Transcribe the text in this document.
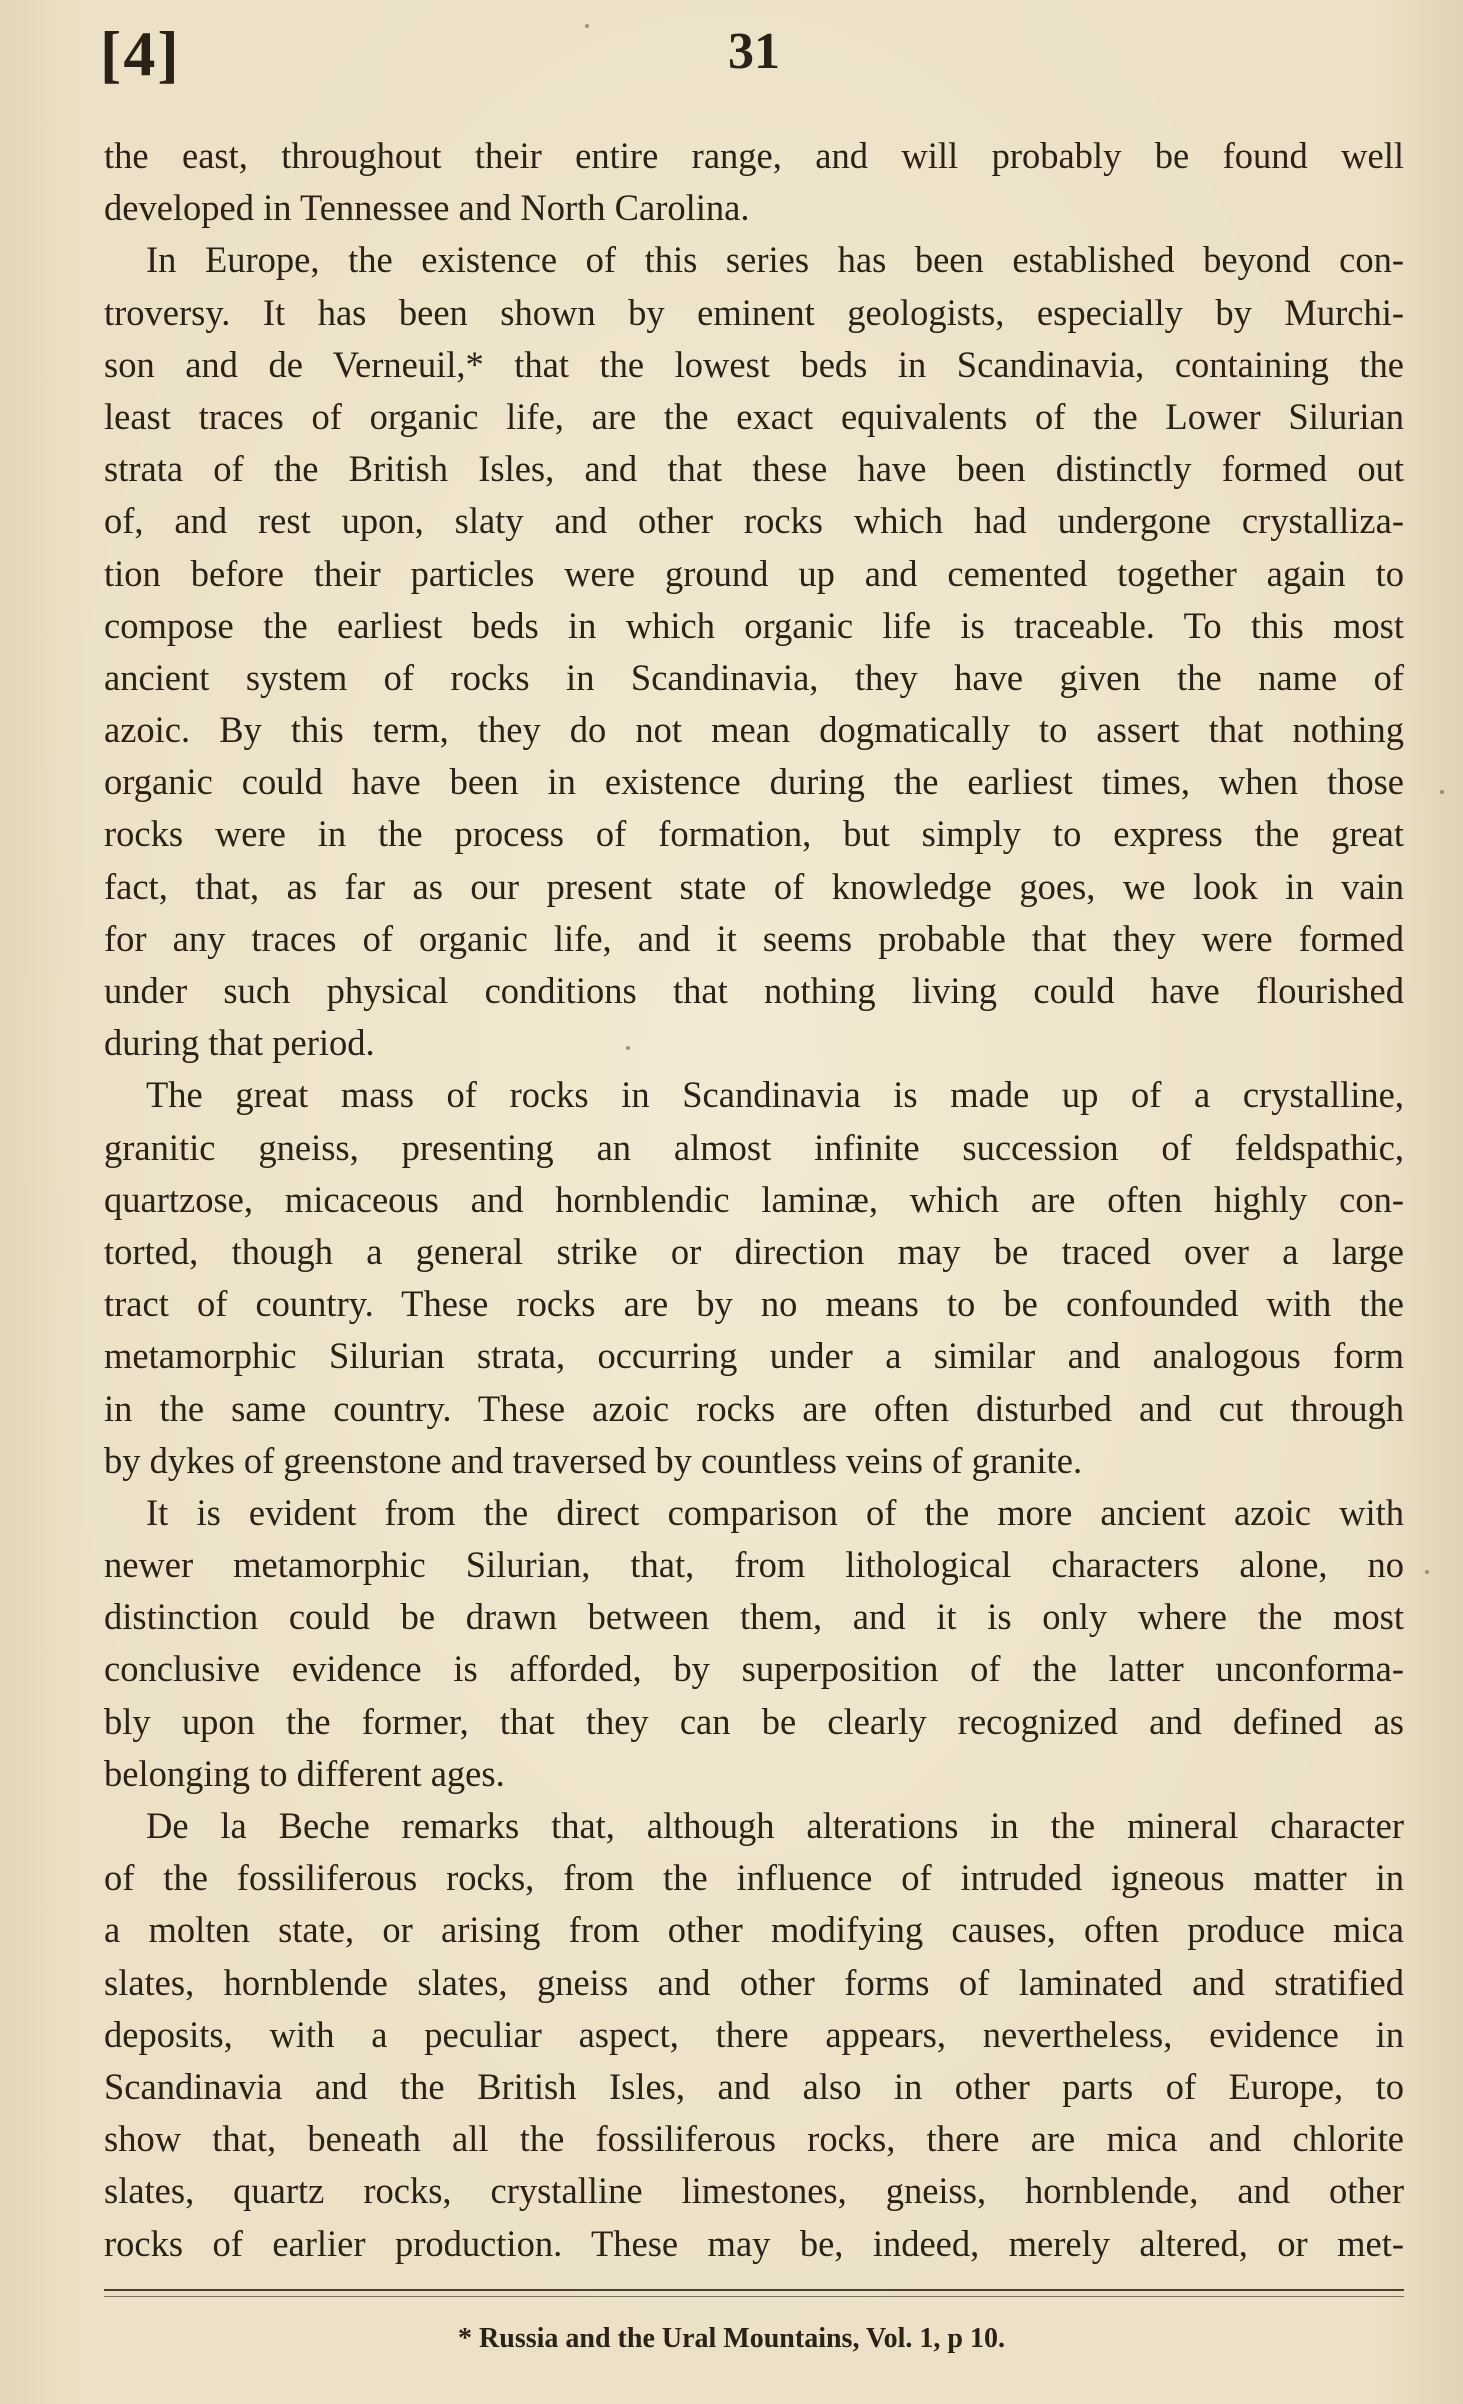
[4]	31
the east, throughout their entire range, and will probably be found well
developed in Tennessee and North Carolina.
In Europe, the existence of this series has been established beyond con-
troversy. It has been shown by eminent geologists, especially by Murchi-
son and de Verneuil,* that the lowest beds in Scandinavia, containing the
least traces of organic life, are the exact equivalents of the Lower Silurian
strata of the British Isles, and that these have been distinctly formed out
of, and rest upon, slaty and other rocks which had undergone crystalliza-
tion before their particles were ground up and cemented together again to
compose the earliest beds in which organic life is traceable. To this most
ancient system of rocks in Scandinavia, they have given the name of
azoic. By this term, they do not mean dogmatically to assert that nothing
organic could have been in existence during the earliest times, when those
rocks were in the process of formation, but simply to express the great
fact, that, as far as our present state of knowledge goes, we look in vain
for any traces of organic life, and it seems probable that they were formed
under such physical conditions that nothing living could have flourished
during that period.
The great mass of rocks in Scandinavia is made up of a crystalline,
granitic gneiss, presenting an almost infinite succession of feldspathic,
quartzose, micaceous and hornblendic laminæ, which are often highly con-
torted, though a general strike or direction may be traced over a large
tract of country. These rocks are by no means to be confounded with the
metamorphic Silurian strata, occurring under a similar and analogous form
in the same country. These azoic rocks are often disturbed and cut through
by dykes of greenstone and traversed by countless veins of granite.
It is evident from the direct comparison of the more ancient azoic with
newer metamorphic Silurian, that, from lithological characters alone, no
distinction could be drawn between them, and it is only where the most
conclusive evidence is afforded, by superposition of the latter unconforma-
bly upon the former, that they can be clearly recognized and defined as
belonging to different ages.
De la Beche remarks that, although alterations in the mineral character
of the fossiliferous rocks, from the influence of intruded igneous matter in
a molten state, or arising from other modifying causes, often produce mica
slates, hornblende slates, gneiss and other forms of laminated and stratified
deposits, with a peculiar aspect, there appears, nevertheless, evidence in
Scandinavia and the British Isles, and also in other parts of Europe, to
show that, beneath all the fossiliferous rocks, there are mica and chlorite
slates, quartz rocks, crystalline limestones, gneiss, hornblende, and other
rocks of earlier production. These may be, indeed, merely altered, or met-
* Russia and the Ural Mountains, Vol. 1, p 10.
